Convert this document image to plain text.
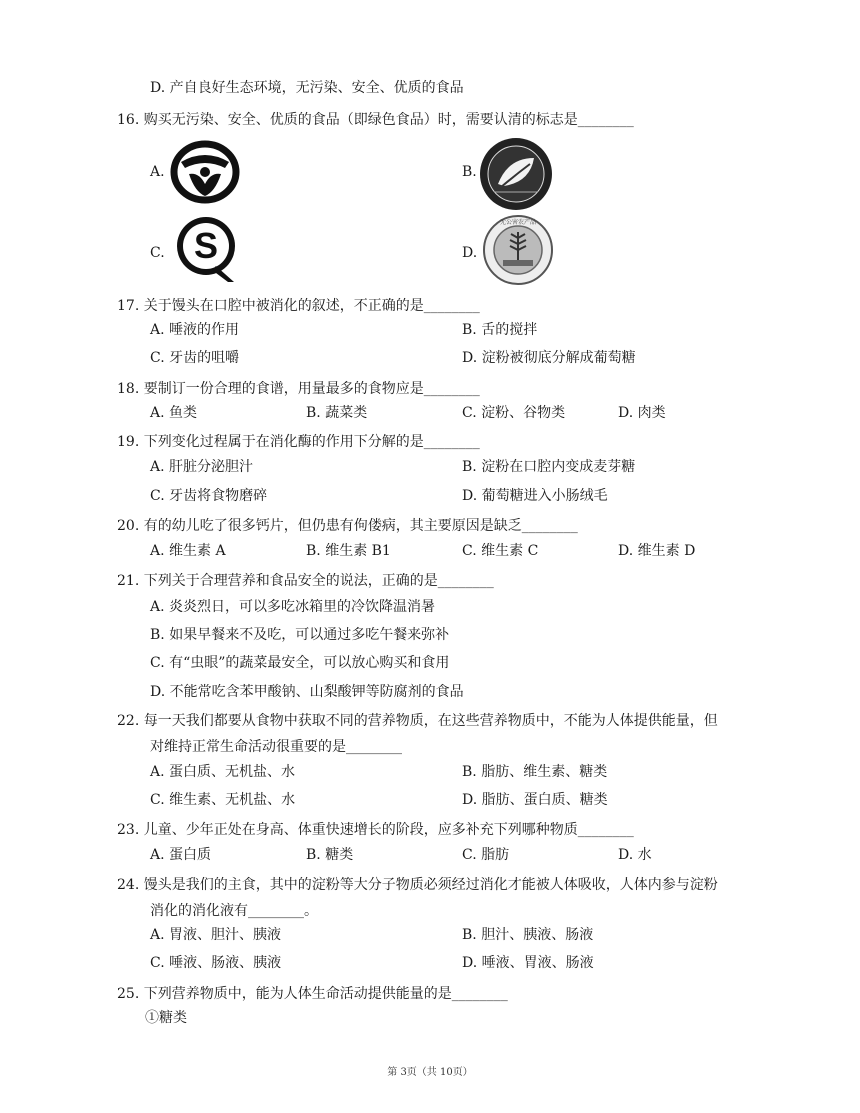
D. 产自良好生态环境，无污染、安全、优质的食品
16. 购买无污染、安全、优质的食品（即绿色食品）时，需要认清的标志是________
A.	B.
C.	D.
S
无公害农产品
17. 关于馒头在口腔中被消化的叙述，不正确的是________
A. 唾液的作用	B. 舌的搅拌
C. 牙齿的咀嚼	D. 淀粉被彻底分解成葡萄糖
18. 要制订一份合理的食谱，用量最多的食物应是________
A. 鱼类	B. 蔬菜类	C. 淀粉、谷物类	D. 肉类
19. 下列变化过程属于在消化酶的作用下分解的是________
A. 肝脏分泌胆汁	B. 淀粉在口腔内变成麦芽糖
C. 牙齿将食物磨碎	D. 葡萄糖进入小肠绒毛
20. 有的幼儿吃了很多钙片，但仍患有佝偻病，其主要原因是缺乏________
A. 维生素 A	B. 维生素 B1	C. 维生素 C	D. 维生素 D
21. 下列关于合理营养和食品安全的说法，正确的是________
A. 炎炎烈日，可以多吃冰箱里的冷饮降温消暑
B. 如果早餐来不及吃，可以通过多吃午餐来弥补
C. 有“虫眼”的蔬菜最安全，可以放心购买和食用
D. 不能常吃含苯甲酸钠、山梨酸钾等防腐剂的食品
22. 每一天我们都要从食物中获取不同的营养物质，在这些营养物质中，不能为人体提供能量，但
对维持正常生命活动很重要的是________
A. 蛋白质、无机盐、水	B. 脂肪、维生素、糖类
C. 维生素、无机盐、水	D. 脂肪、蛋白质、糖类
23. 儿童、少年正处在身高、体重快速增长的阶段，应多补充下列哪种物质________
A. 蛋白质	B. 糖类	C. 脂肪	D. 水
24. 馒头是我们的主食，其中的淀粉等大分子物质必须经过消化才能被人体吸收，人体内参与淀粉
消化的消化液有________。
A. 胃液、胆汁、胰液	B. 胆汁、胰液、肠液
C. 唾液、肠液、胰液	D. 唾液、胃液、肠液
25. 下列营养物质中，能为人体生命活动提供能量的是________
①糖类
第 3页（共 10页）
